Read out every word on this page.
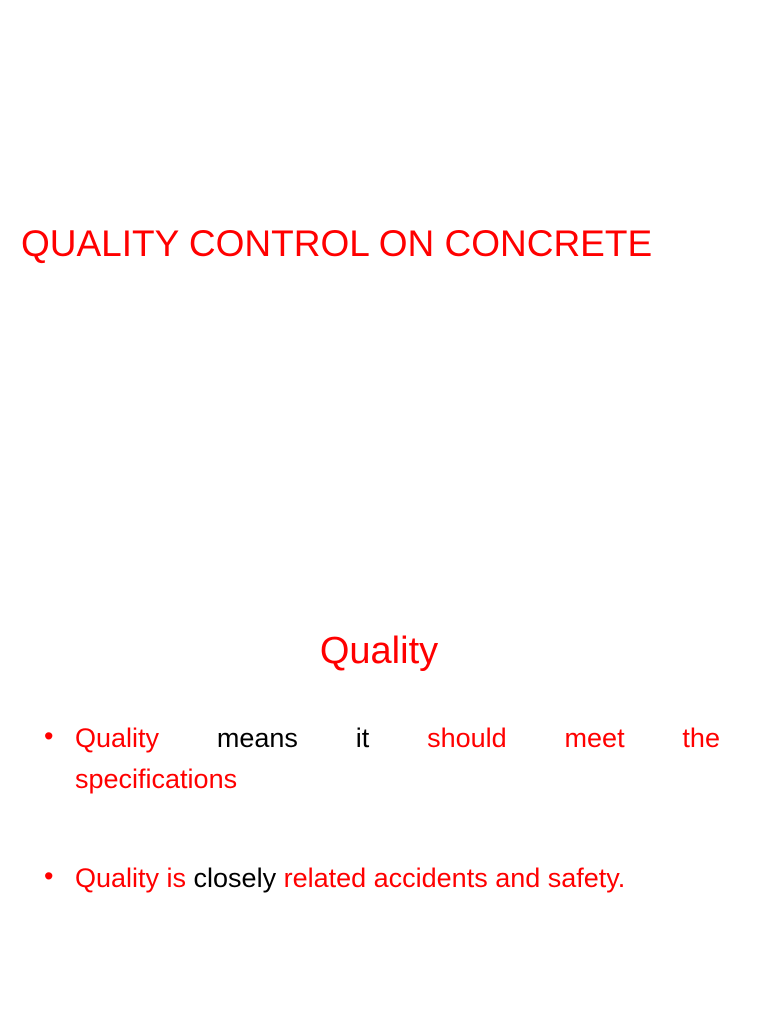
QUALITY CONTROL ON CONCRETE
Quality
• Quality means it should meet the
specifications
• Quality is closely related accidents and safety.
